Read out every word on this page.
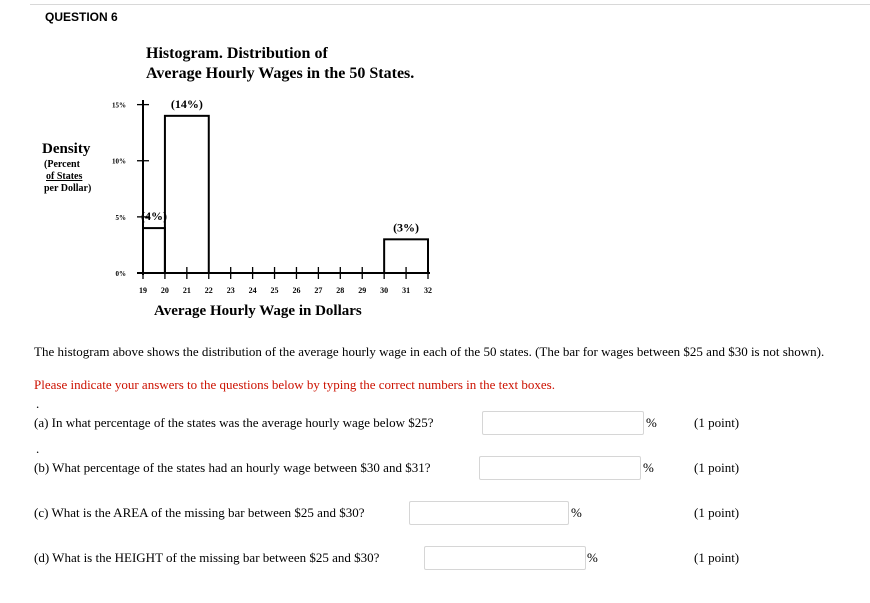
QUESTION 6
Histogram. Distribution of
Average Hourly Wages in the 50 States.
Density
(Percent
of States
per Dollar)
Average Hourly Wage in Dollars
19 20 21 22 23 24 25 26 27 28 29 30 31 32
0%
5%
10%
15%
(4%)
(14%)
(3%)
The histogram above shows the distribution of the average hourly wage in each of the 50 states. (The bar for wages between $25 and $30 is not shown).
Please indicate your answers to the questions below by typing the correct numbers in the text boxes.
.
(a) In what percentage of the states was the average hourly wage below $25?	%	(1 point)
.
(b) What percentage of the states had an hourly wage between $30 and $31?	%	(1 point)
(c) What is the AREA of the missing bar between $25 and $30?	%	(1 point)
(d) What is the HEIGHT of the missing bar between $25 and $30?	%	(1 point)
